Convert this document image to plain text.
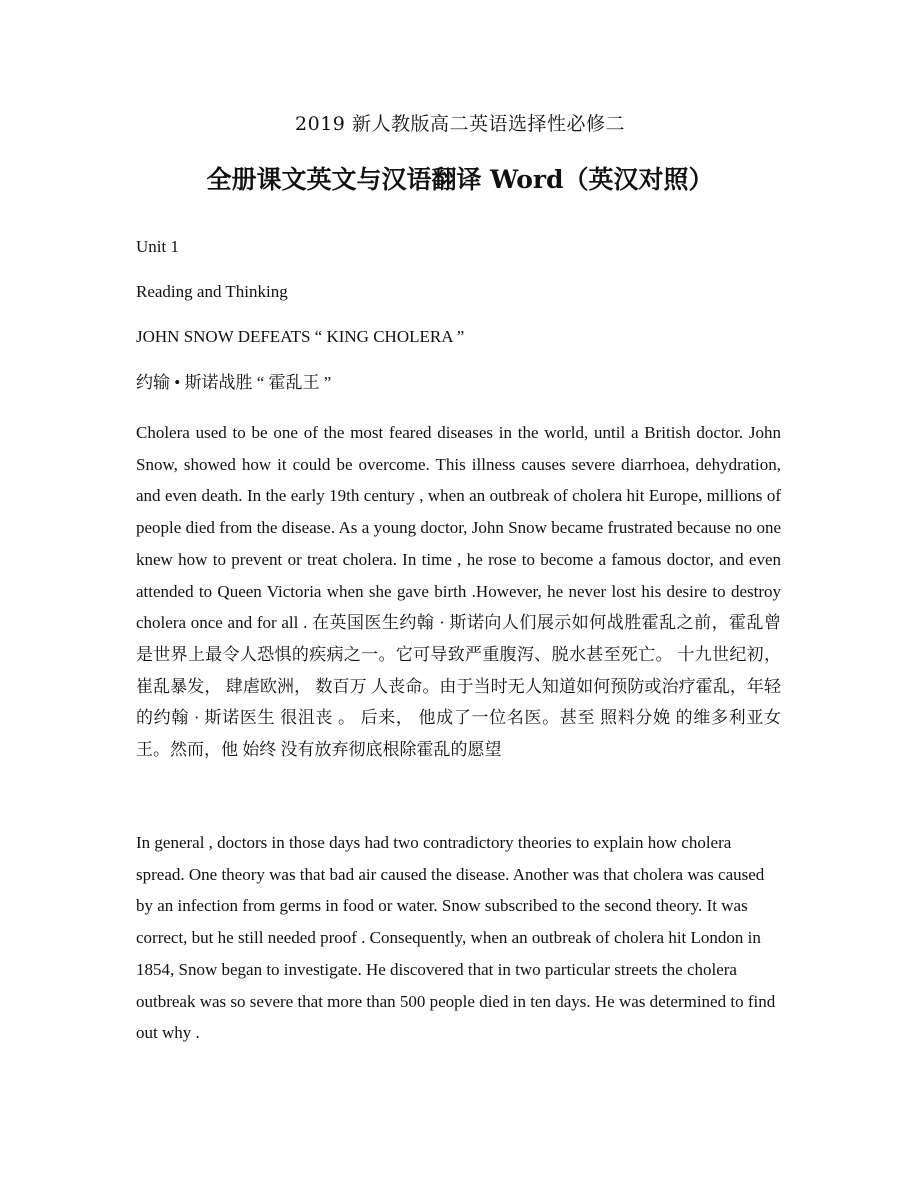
2019 新人教版高二英语选择性必修二
全册课文英文与汉语翻译 Word（英汉对照）
Unit 1
Reading and Thinking
JOHN SNOW DEFEATS “ KING CHOLERA ”
约输 • 斯诺战胜 “ 霍乱王 ”
Cholera used to be one of the most feared diseases in the world, until a British doctor. John Snow, showed how it could be overcome. This illness causes severe diarrhoea, dehydration, and even death. In the early 19th century , when an outbreak of cholera hit Europe, millions of people died from the disease. As a young doctor, John Snow became frustrated because no one knew how to prevent or treat cholera. In time , he rose to become a famous doctor, and even attended to Queen Victoria when she gave birth .However, he never lost his desire to destroy cholera once and for all . 在英国医生约翰 · 斯诺向人们展示如何战胜霍乱之前，霍乱曾是世界上最令人恐惧的疾病之一。它可导致严重腹泻、脱水甚至死亡。 十九世纪初， 崔乱暴发， 肆虐欧洲， 数百万 人丧命。由于当时无人知道如何预防或治疗霍乱，年轻的约翰 · 斯诺医生 很沮丧 。 后来， 他成了一位名医。甚至 照料分娩 的维多利亚女王。然而，他 始终 没有放弃彻底根除霍乱的愿望
In general , doctors in those days had two contradictory theories to explain how cholera spread. One theory was that bad air caused the disease. Another was that cholera was caused by an infection from germs in food or water. Snow subscribed to the second theory. It was correct, but he still needed proof . Consequently, when an outbreak of cholera hit London in 1854, Snow began to investigate. He discovered that in two particular streets the cholera outbreak was so severe that more than 500 people died in ten days. He was determined to find out why .
